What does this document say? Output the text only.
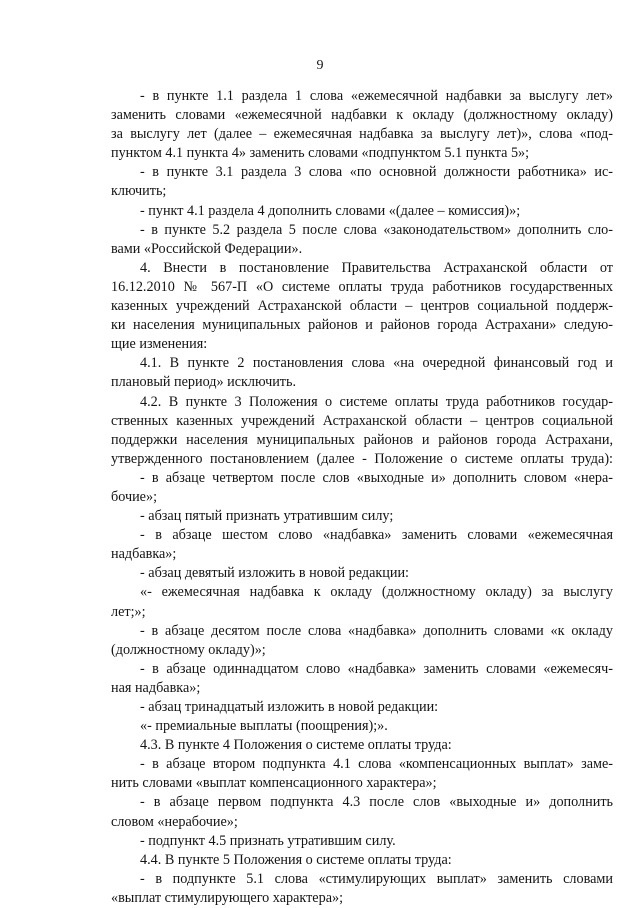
9
- в пункте 1.1 раздела 1 слова «ежемесячной надбавки за выслугу лет»
заменить словами «ежемесячной надбавки к окладу (должностному окладу)
за выслугу лет (далее – ежемесячная надбавка за выслугу лет)», слова «под-
пунктом 4.1 пункта 4» заменить словами «подпунктом 5.1 пункта 5»;
- в пункте 3.1 раздела 3 слова «по основной должности работника» ис-
ключить;
- пункт 4.1 раздела 4 дополнить словами «(далее – комиссия)»;
- в пункте 5.2 раздела 5 после слова «законодательством» дополнить сло-
вами «Российской Федерации».
4. Внести в постановление Правительства Астраханской области от
16.12.2010 № 567-П «О системе оплаты труда работников государственных
казенных учреждений Астраханской области – центров социальной поддерж-
ки населения муниципальных районов и районов города Астрахани» следую-
щие изменения:
4.1. В пункте 2 постановления слова «на очередной финансовый год и
плановый период» исключить.
4.2. В пункте 3 Положения о системе оплаты труда работников государ-
ственных казенных учреждений Астраханской области – центров социальной
поддержки населения муниципальных районов и районов города Астрахани,
утвержденного постановлением (далее - Положение о системе оплаты труда):
- в абзаце четвертом после слов «выходные и» дополнить словом «нера-
бочие»;
- абзац пятый признать утратившим силу;
- в абзаце шестом слово «надбавка» заменить словами «ежемесячная
надбавка»;
- абзац девятый изложить в новой редакции:
«- ежемесячная надбавка к окладу (должностному окладу) за выслугу
лет;»;
- в абзаце десятом после слова «надбавка» дополнить словами «к окладу
(должностному окладу)»;
- в абзаце одиннадцатом слово «надбавка» заменить словами «ежемесяч-
ная надбавка»;
- абзац тринадцатый изложить в новой редакции:
«- премиальные выплаты (поощрения);».
4.3. В пункте 4 Положения о системе оплаты труда:
- в абзаце втором подпункта 4.1 слова «компенсационных выплат» заме-
нить словами «выплат компенсационного характера»;
- в абзаце первом подпункта 4.3 после слов «выходные и» дополнить
словом «нерабочие»;
- подпункт 4.5 признать утратившим силу.
4.4. В пункте 5 Положения о системе оплаты труда:
- в подпункте 5.1 слова «стимулирующих выплат» заменить словами
«выплат стимулирующего характера»;
